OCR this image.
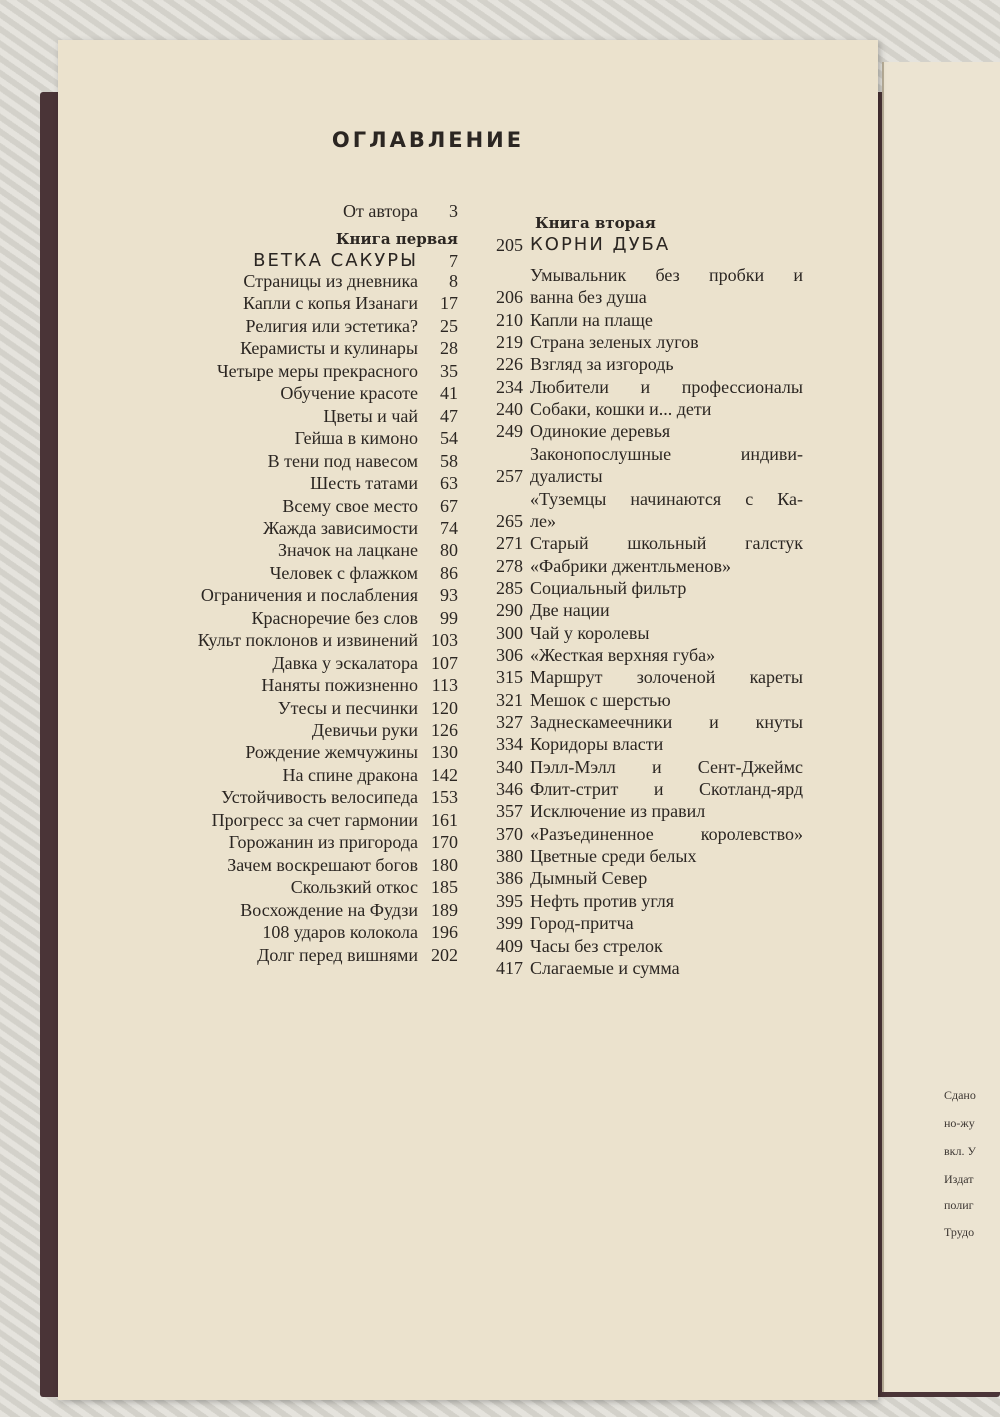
Сдано
но-жу
вкл. У
Издат
полиг
Трудо
ОГЛАВЛЕНИЕ
От автора	3
Книга первая
ВЕТКА САКУРЫ	7
Страницы из дневника	8
Капли с копья Изанаги	17
Религия или эстетика?	25
Керамисты и кулинары	28
Четыре меры прекрасного	35
Обучение красоте	41
Цветы и чай	47
Гейша в кимоно	54
В тени под навесом	58
Шесть татами	63
Всему свое место	67
Жажда зависимости	74
Значок на лацкане	80
Человек с флажком	86
Ограничения и послабления	93
Красноречие без слов	99
Культ поклонов и извинений 103
Давка у эскалатора 107
Наняты пожизненно 113
Утесы и песчинки 120
Девичьи руки 126
Рождение жемчужины 130
На спине дракона 142
Устойчивость велосипеда 153
Прогресс за счет гармонии 161
Горожанин из пригорода 170
Зачем воскрешают богов 180
Скользкий откос 185
Восхождение на Фудзи 189
108 ударов колокола 196
Долг перед вишнями 202
Книга вторая
205 КОРНИ ДУБА
Умывальник без пробки и
206 ванна без душа
210 Капли на плаще
219 Страна зеленых лугов
226 Взгляд за изгородь
234 Любители и профессионалы
240 Собаки, кошки и... дети
249 Одинокие деревья
Законопослушные индиви-
257 дуалисты
«Туземцы начинаются с Ка-
265 ле»
271 Старый школьный галстук
278 «Фабрики джентльменов»
285 Социальный фильтр
290 Две нации
300 Чай у королевы
306 «Жесткая верхняя губа»
315 Маршрут золоченой кареты
321 Мешок с шерстью
327 Заднескамеечники и кнуты
334 Коридоры власти
340 Пэлл-Мэлл и Сент-Джеймс
346 Флит-стрит и Скотланд-ярд
357 Исключение из правил
370 «Разъединенное королевство»
380 Цветные среди белых
386 Дымный Север
395 Нефть против угля
399 Город-притча
409 Часы без стрелок
417 Слагаемые и сумма
